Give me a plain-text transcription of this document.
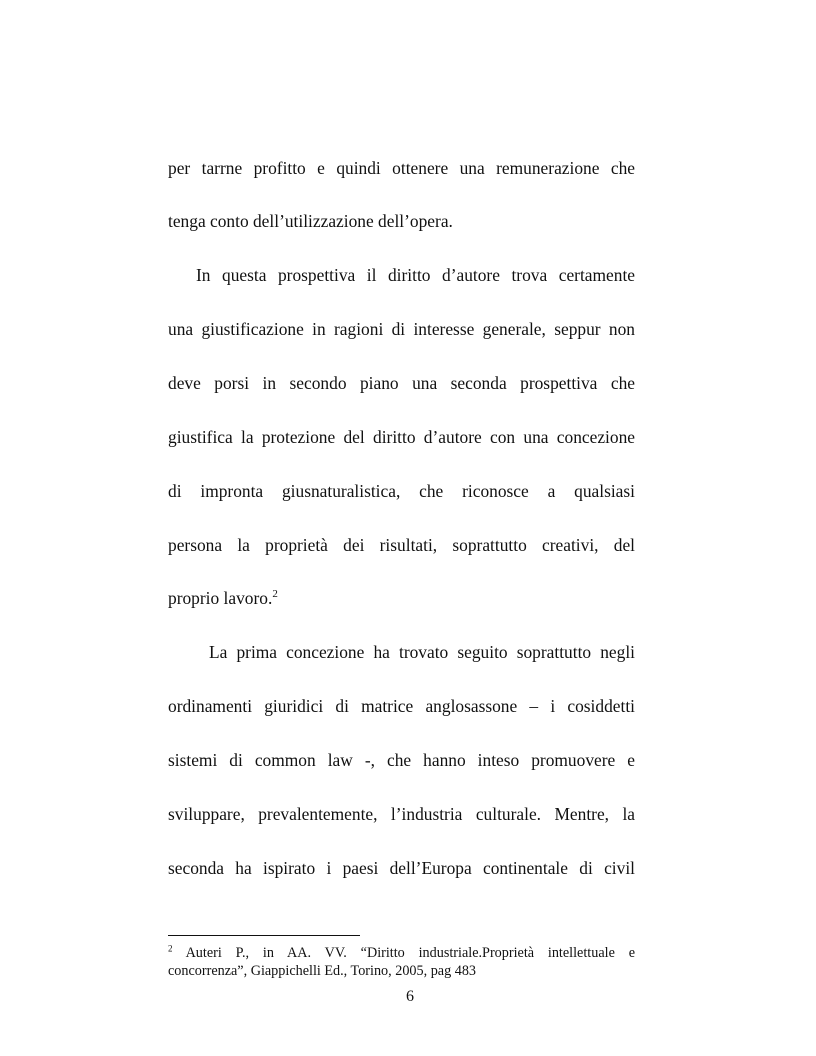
per tarrne profitto e quindi ottenere una remunerazione che
tenga conto dell’utilizzazione dell’opera.
In questa prospettiva il diritto d’autore trova certamente
una giustificazione in ragioni di interesse generale, seppur non
deve porsi in secondo piano una seconda prospettiva che
giustifica la protezione del diritto d’autore con una concezione
di impronta giusnaturalistica, che riconosce a qualsiasi
persona la proprietà dei risultati, soprattutto creativi, del
proprio lavoro.$^2$
La prima concezione ha trovato seguito soprattutto negli
ordinamenti giuridici di matrice anglosassone – i cosiddetti
sistemi di common law -, che hanno inteso promuovere e
sviluppare, prevalentemente, l’industria culturale. Mentre, la
seconda ha ispirato i paesi dell’Europa continentale di civil
$^2$ Auteri P., in AA. VV. “Diritto industriale.Proprietà intellettuale e
concorrenza”, Giappichelli Ed., Torino, 2005, pag 483
6
